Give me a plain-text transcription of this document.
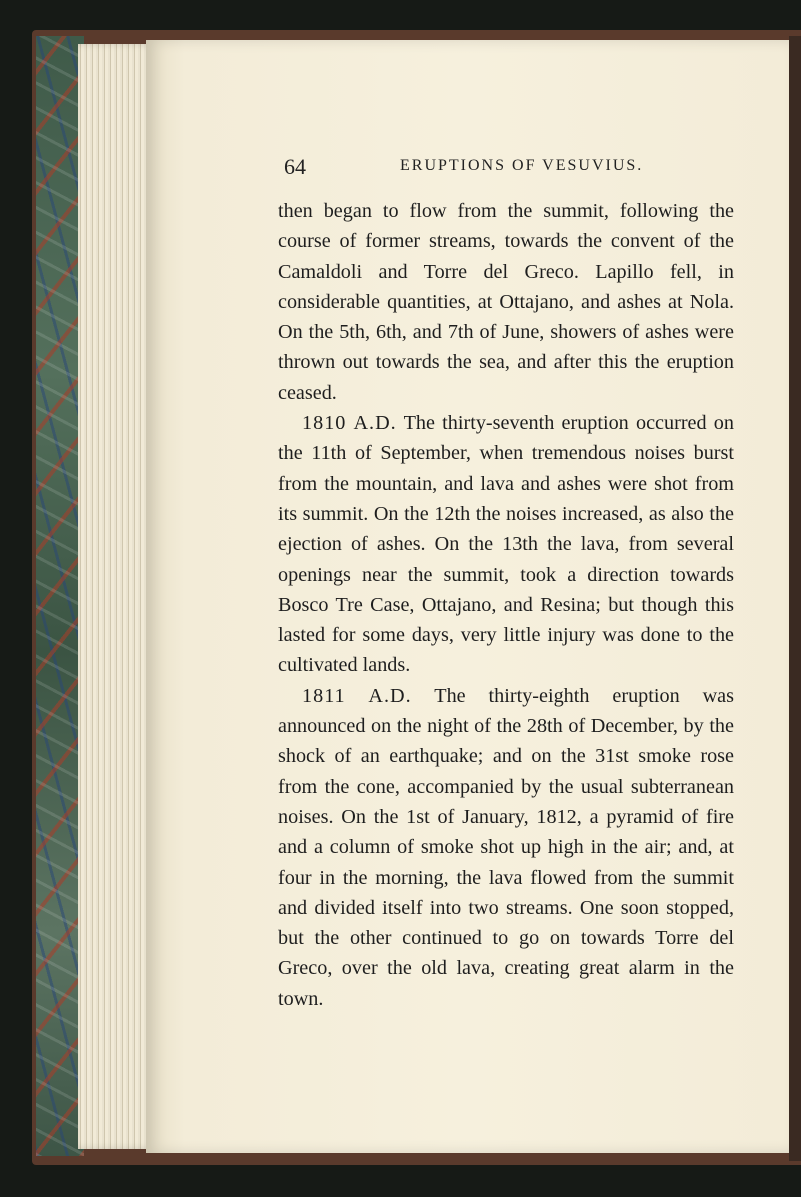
64	ERUPTIONS OF VESUVIUS.

then began to flow from the summit, following the course of former streams, towards the convent of the Camaldoli and Torre del Greco. Lapillo fell, in considerable quantities, at Ottajano, and ashes at Nola. On the 5th, 6th, and 7th of June, showers of ashes were thrown out towards the sea, and after this the eruption ceased.

1810 A.D. The thirty-seventh eruption occurred on the 11th of September, when tremendous noises burst from the mountain, and lava and ashes were shot from its summit. On the 12th the noises increased, as also the ejection of ashes. On the 13th the lava, from several openings near the summit, took a direction towards Bosco Tre Case, Ottajano, and Resina; but though this lasted for some days, very little injury was done to the cultivated lands.

1811 A.D. The thirty-eighth eruption was announced on the night of the 28th of December, by the shock of an earthquake; and on the 31st smoke rose from the cone, accompanied by the usual subterranean noises. On the 1st of January, 1812, a pyramid of fire and a column of smoke shot up high in the air; and, at four in the morning, the lava flowed from the summit and divided itself into two streams. One soon stopped, but the other continued to go on towards Torre del Greco, over the old lava, creating great alarm in the town.
